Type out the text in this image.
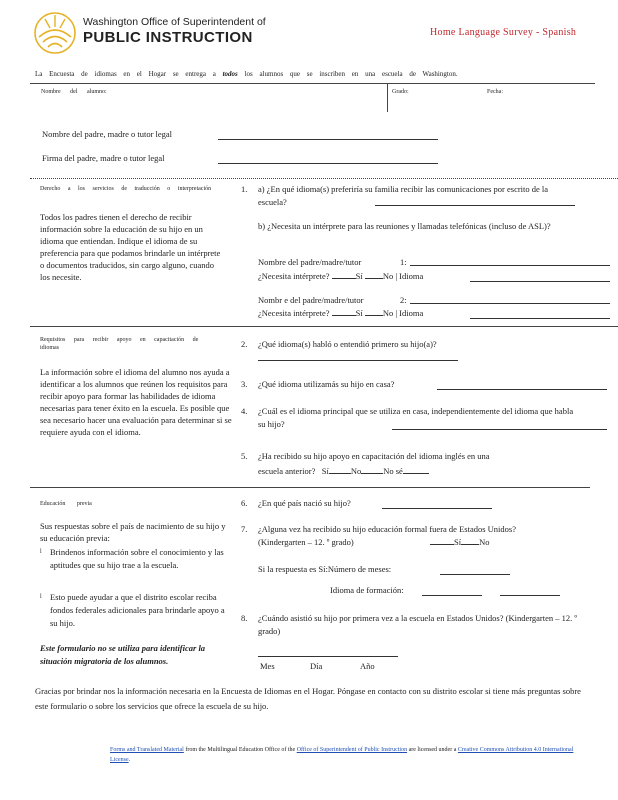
Washington Office of Superintendent of
PUBLIC INSTRUCTION	Home Language Survey - Spanish
La Encuesta de idiomas en el Hogar se entrega a todos los alumnos que se inscriben en una escuela de Washington.
Nombre del alumno:	Grado:	Fecha:
Nombre del padre, madre o tutor legal
Firma del padre, madre o tutor legal
Derecho a los servicios de traducción o interpretación
Todos los padres tienen el derecho de recibir información sobre la educación de su hijo en un idioma que entiendan. Indique el idioma de su preferencia para que podamos brindarle un intérprete o documentos traducidos, sin cargo alguno, cuando los necesite.
1. a) ¿En qué idioma(s) preferiría su familia recibir las comunicaciones por escrito de la escuela?
b) ¿Necesita un intérprete para las reuniones y llamadas telefónicas (incluso de ASL)?
Nombre del padre/madre/tutor	1:
¿Necesita intérprete?	Sí No | Idioma
Nombr e del padre/madre/tutor	2:
¿Necesita intérprete?	Sí No | Idioma
Requisitos para recibir apoyo en capacitación de idiomas
La información sobre el idioma del alumno nos ayuda a identificar a los alumnos que reúnen los requisitos para recibir apoyo para formar las habilidades de idioma necesarias para tener éxito en la escuela. Es posible que sea necesario hacer una evaluación para determinar si se requiere ayuda con el idioma.
2. ¿Qué idioma(s) habló o entendió primero su hijo(a)?
3. ¿Qué idioma utilizamás su hijo en casa?
4. ¿Cuál es el idioma principal que se utiliza en casa, independientemente del idioma que habla su hijo?
5. ¿Ha recibido su hijo apoyo en capacitación del idioma inglés en una
escuela anterior? Sí	No	No sé
Educación previa
Sus respuestas sobre el país de nacimiento de su hijo y su educación previa:
l Brindenos información sobre el conocimiento y las aptitudes que su hijo trae a la escuela.
l Esto puede ayudar a que el distrito escolar reciba fondos federales adicionales para brindarle apoyo a su hijo.
Este formulario no se utiliza para identificar la situación migratoria de los alumnos.
6. ¿En qué país nació su hijo?
7. ¿Alguna vez ha recibido su hijo educación formal fuera de Estados Unidos? (Kindergarten – 12. º grado)	Sí No
Si la respuesta es Sí:Número de meses:
Idioma de formación:
8. ¿Cuándo asistió su hijo por primera vez a la escuela en Estados Unidos? (Kindergarten – 12. º grado)
Mes	Día	Año
Gracias por brindar nos la información necesaria en la Encuesta de Idiomas en el Hogar. Póngase en contacto con su distrito escolar si tiene más preguntas sobre este formulario o sobre los servicios que ofrece la escuela de su hijo.
Forms and Translated Material from the Multilingual Education Office of the Office of Superintendent of Public Instruction are licensed under a Creative Commons Attribution 4.0 International License.
